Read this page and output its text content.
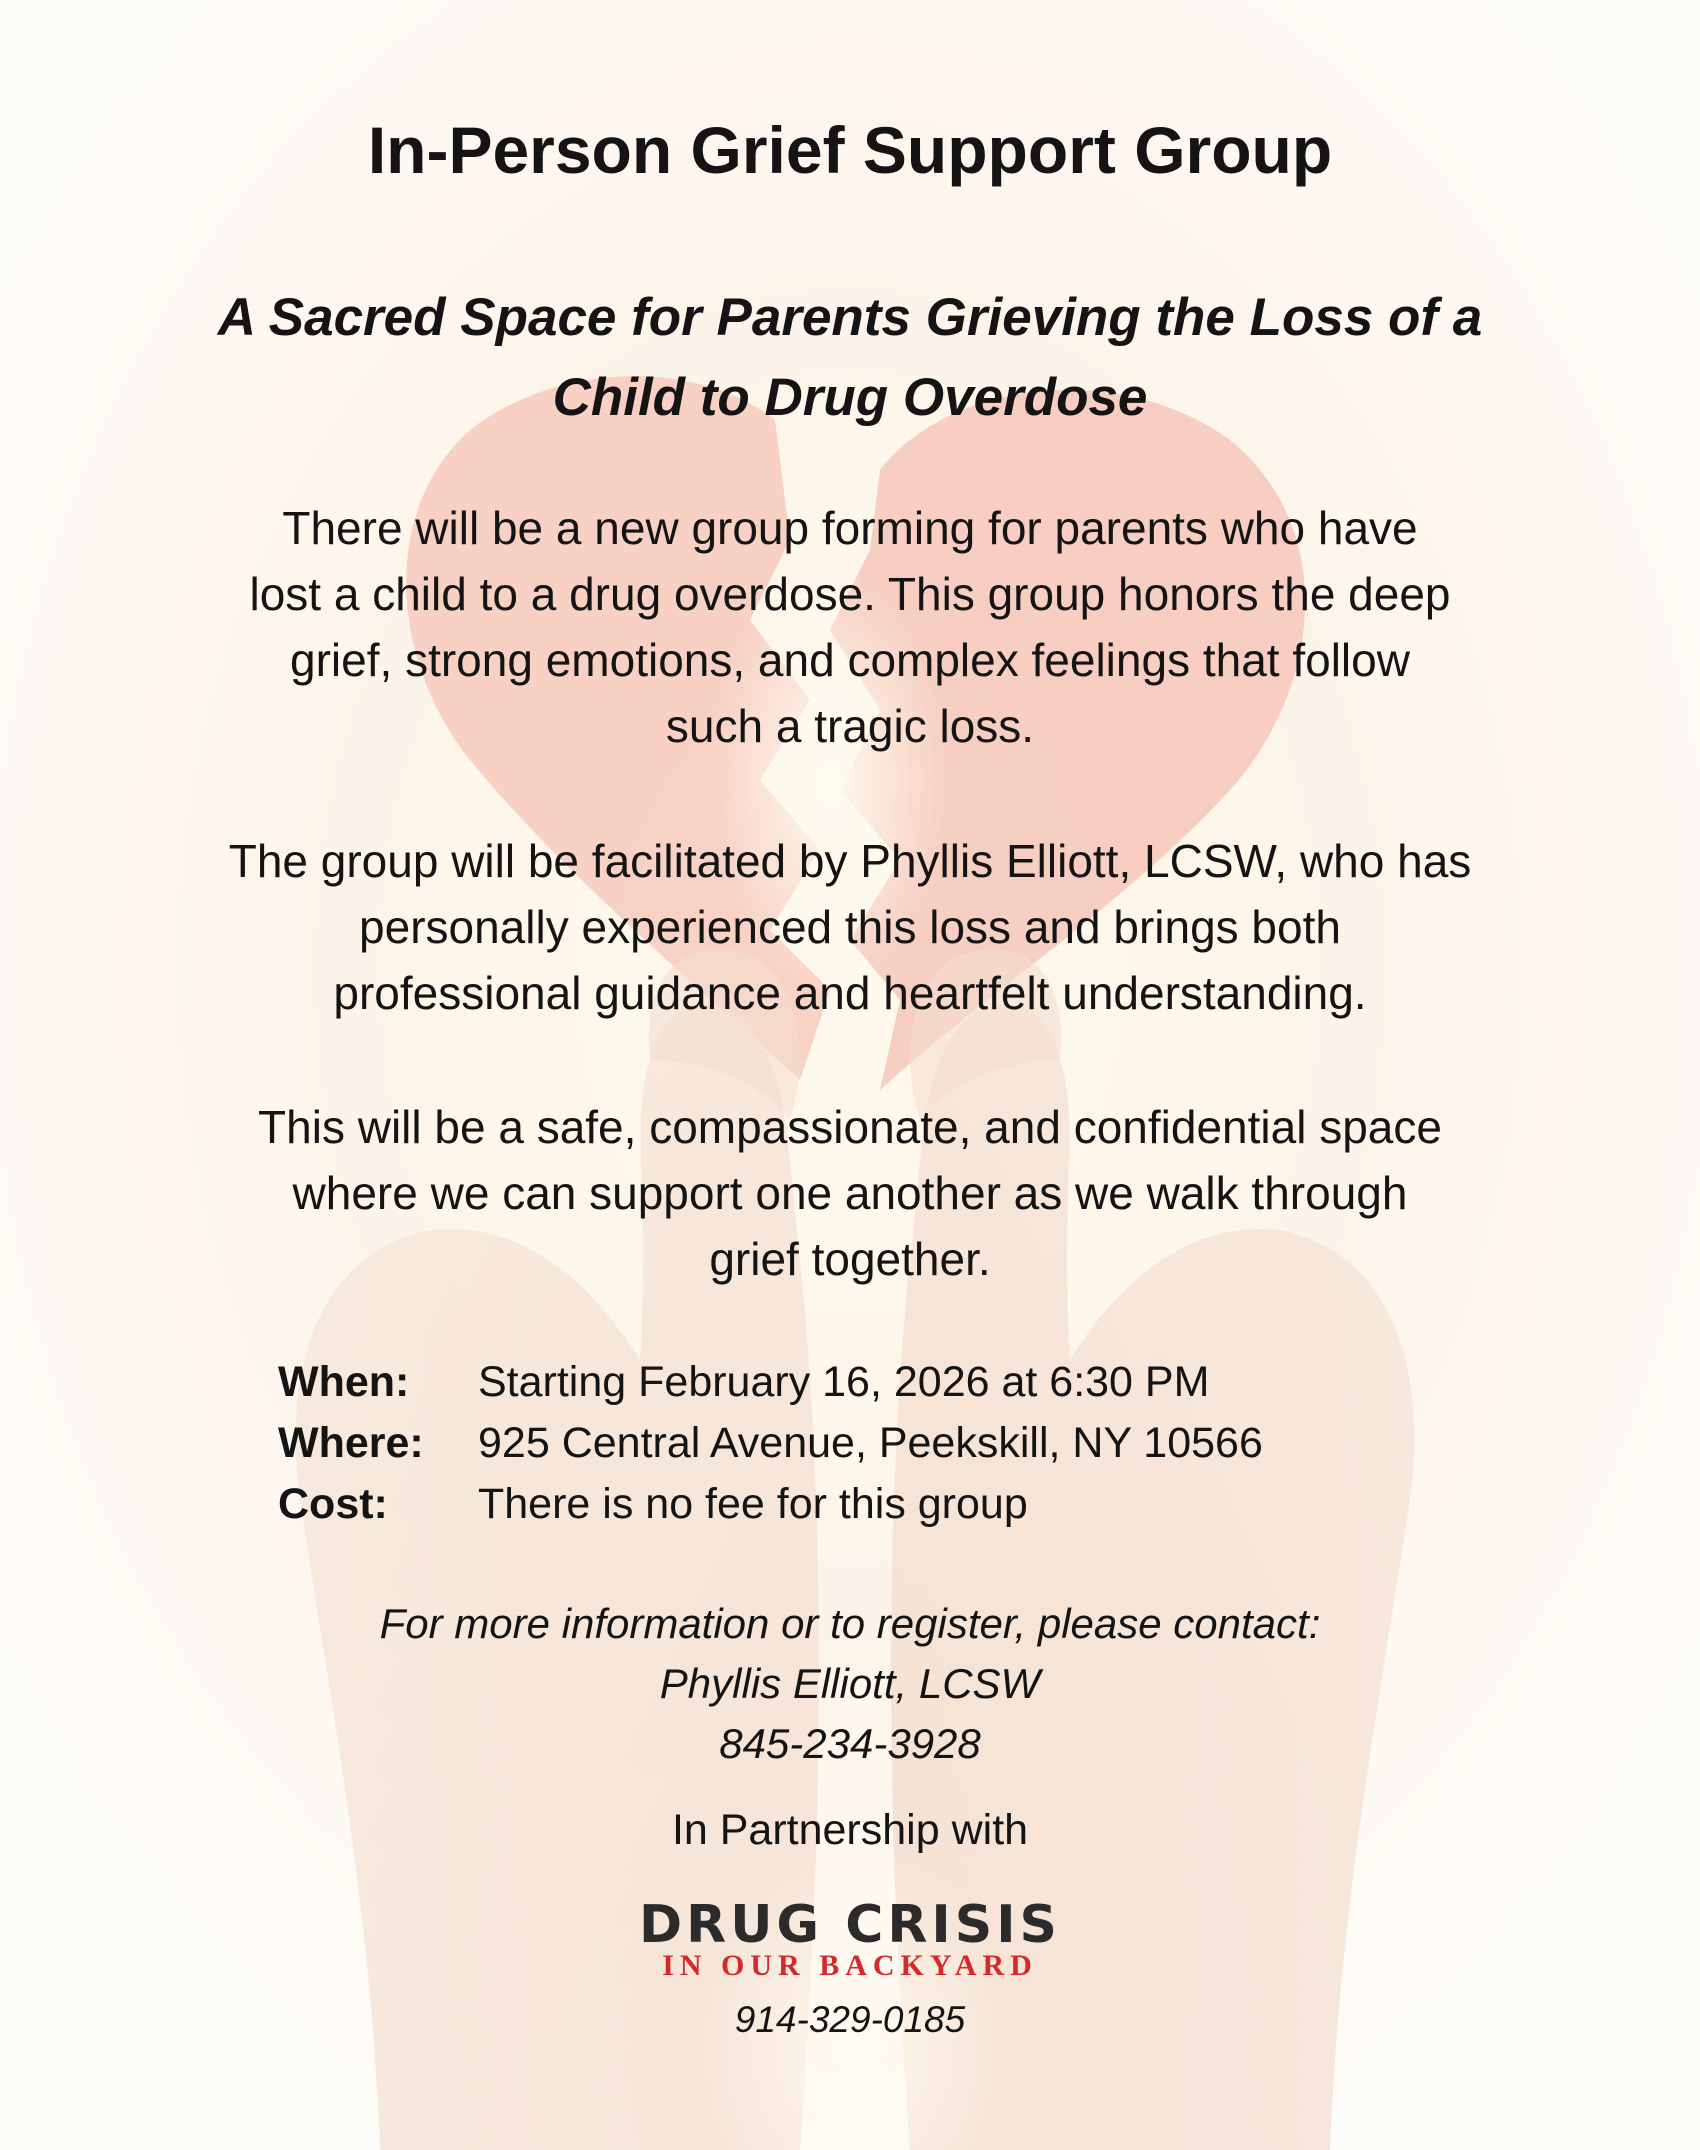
In-Person Grief Support Group
A Sacred Space for Parents Grieving the Loss of a
Child to Drug Overdose

There will be a new group forming for parents who have
lost a child to a drug overdose. This group honors the deep
grief, strong emotions, and complex feelings that follow
such a tragic loss.

The group will be facilitated by Phyllis Elliott, LCSW, who has
personally experienced this loss and brings both
professional guidance and heartfelt understanding.

This will be a safe, compassionate, and confidential space
where we can support one another as we walk through
grief together.

When:	Starting February 16, 2026 at 6:30 PM
Where:	925 Central Avenue, Peekskill, NY 10566
Cost:	There is no fee for this group
For more information or to register, please contact:
Phyllis Elliott, LCSW
845-234-3928
In Partnership with
DRUG CRISIS
IN OUR BACKYARD
914-329-0185
